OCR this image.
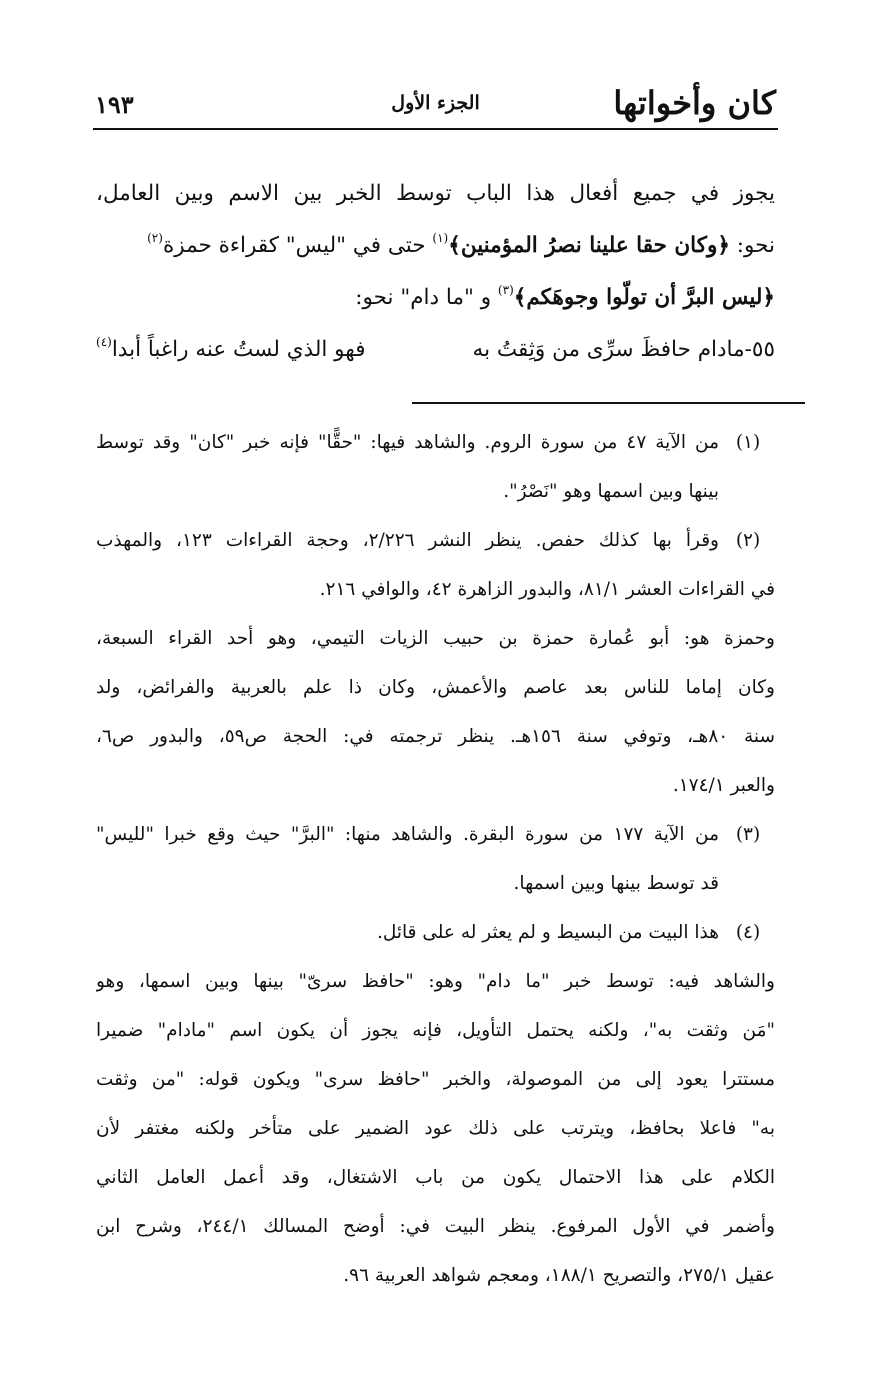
كان وأخواتها
الجزء الأول
١٩٣
يجوز في جميع أفعال هذا الباب توسط الخبر بين الاسم وبين العامل،
نحو: ﴿وكان حقا علينا نصرُ المؤمنين﴾$^{(١)}$ حتى في "ليس" كقراءة حمزة$^{(٢)}$
﴿ليس البرَّ أن تولّوا وجوهَكم﴾$^{(٣)}$ و "ما دام" نحو:
٥٥-مادام حافظَ سرِّى من وَثِقتُ به
فهو الذي لستُ عنه راغباً أبدا$^{(٤)}$
(١)
من الآية ٤٧ من سورة الروم. والشاهد فيها: "حقًّا" فإنه خبر "كان" وقد توسط
بينها وبين اسمها وهو "نَصْرُ".
(٢)
وقرأ بها كذلك حفص. ينظر النشر ٢/٢٢٦، وحجة القراءات ١٢٣، والمهذب
في القراءات العشر ٨١/١، والبدور الزاهرة ٤٢، والوافي ٢١٦.
وحمزة هو: أبو عُمارة حمزة بن حبيب الزيات التيمي، وهو أحد القراء السبعة،
وكان إماما للناس بعد عاصم والأعمش، وكان ذا علم بالعربية والفرائض، ولد
سنة ٨٠هـ، وتوفي سنة ١٥٦هـ. ينظر ترجمته في: الحجة ص٥٩، والبدور ص٦،
والعبر ١٧٤/١.
(٣)
من الآية ١٧٧ من سورة البقرة. والشاهد منها: "البرَّ" حيث وقع خبرا "لليس"
قد توسط بينها وبين اسمها.
(٤)
هذا البيت من البسيط و لم يعثر له على قائل.
والشاهد فيه: توسط خبر "ما دام" وهو: "حافظ سرىّ" بينها وبين اسمها، وهو
"مَن وثقت به"، ولكنه يحتمل التأويل، فإنه يجوز أن يكون اسم "مادام" ضميرا
مستترا يعود إلى من الموصولة، والخبر "حافظ سرى" ويكون قوله: "من وثقت
به" فاعلا بحافظ، ويترتب على ذلك عود الضمير على متأخر ولكنه مغتفر لأن
الكلام على هذا الاحتمال يكون من باب الاشتغال، وقد أعمل العامل الثاني
وأضمر في الأول المرفوع. ينظر البيت في: أوضح المسالك ٢٤٤/١، وشرح ابن
عقيل ٢٧٥/١، والتصريح ١٨٨/١، ومعجم شواهد العربية ٩٦.
